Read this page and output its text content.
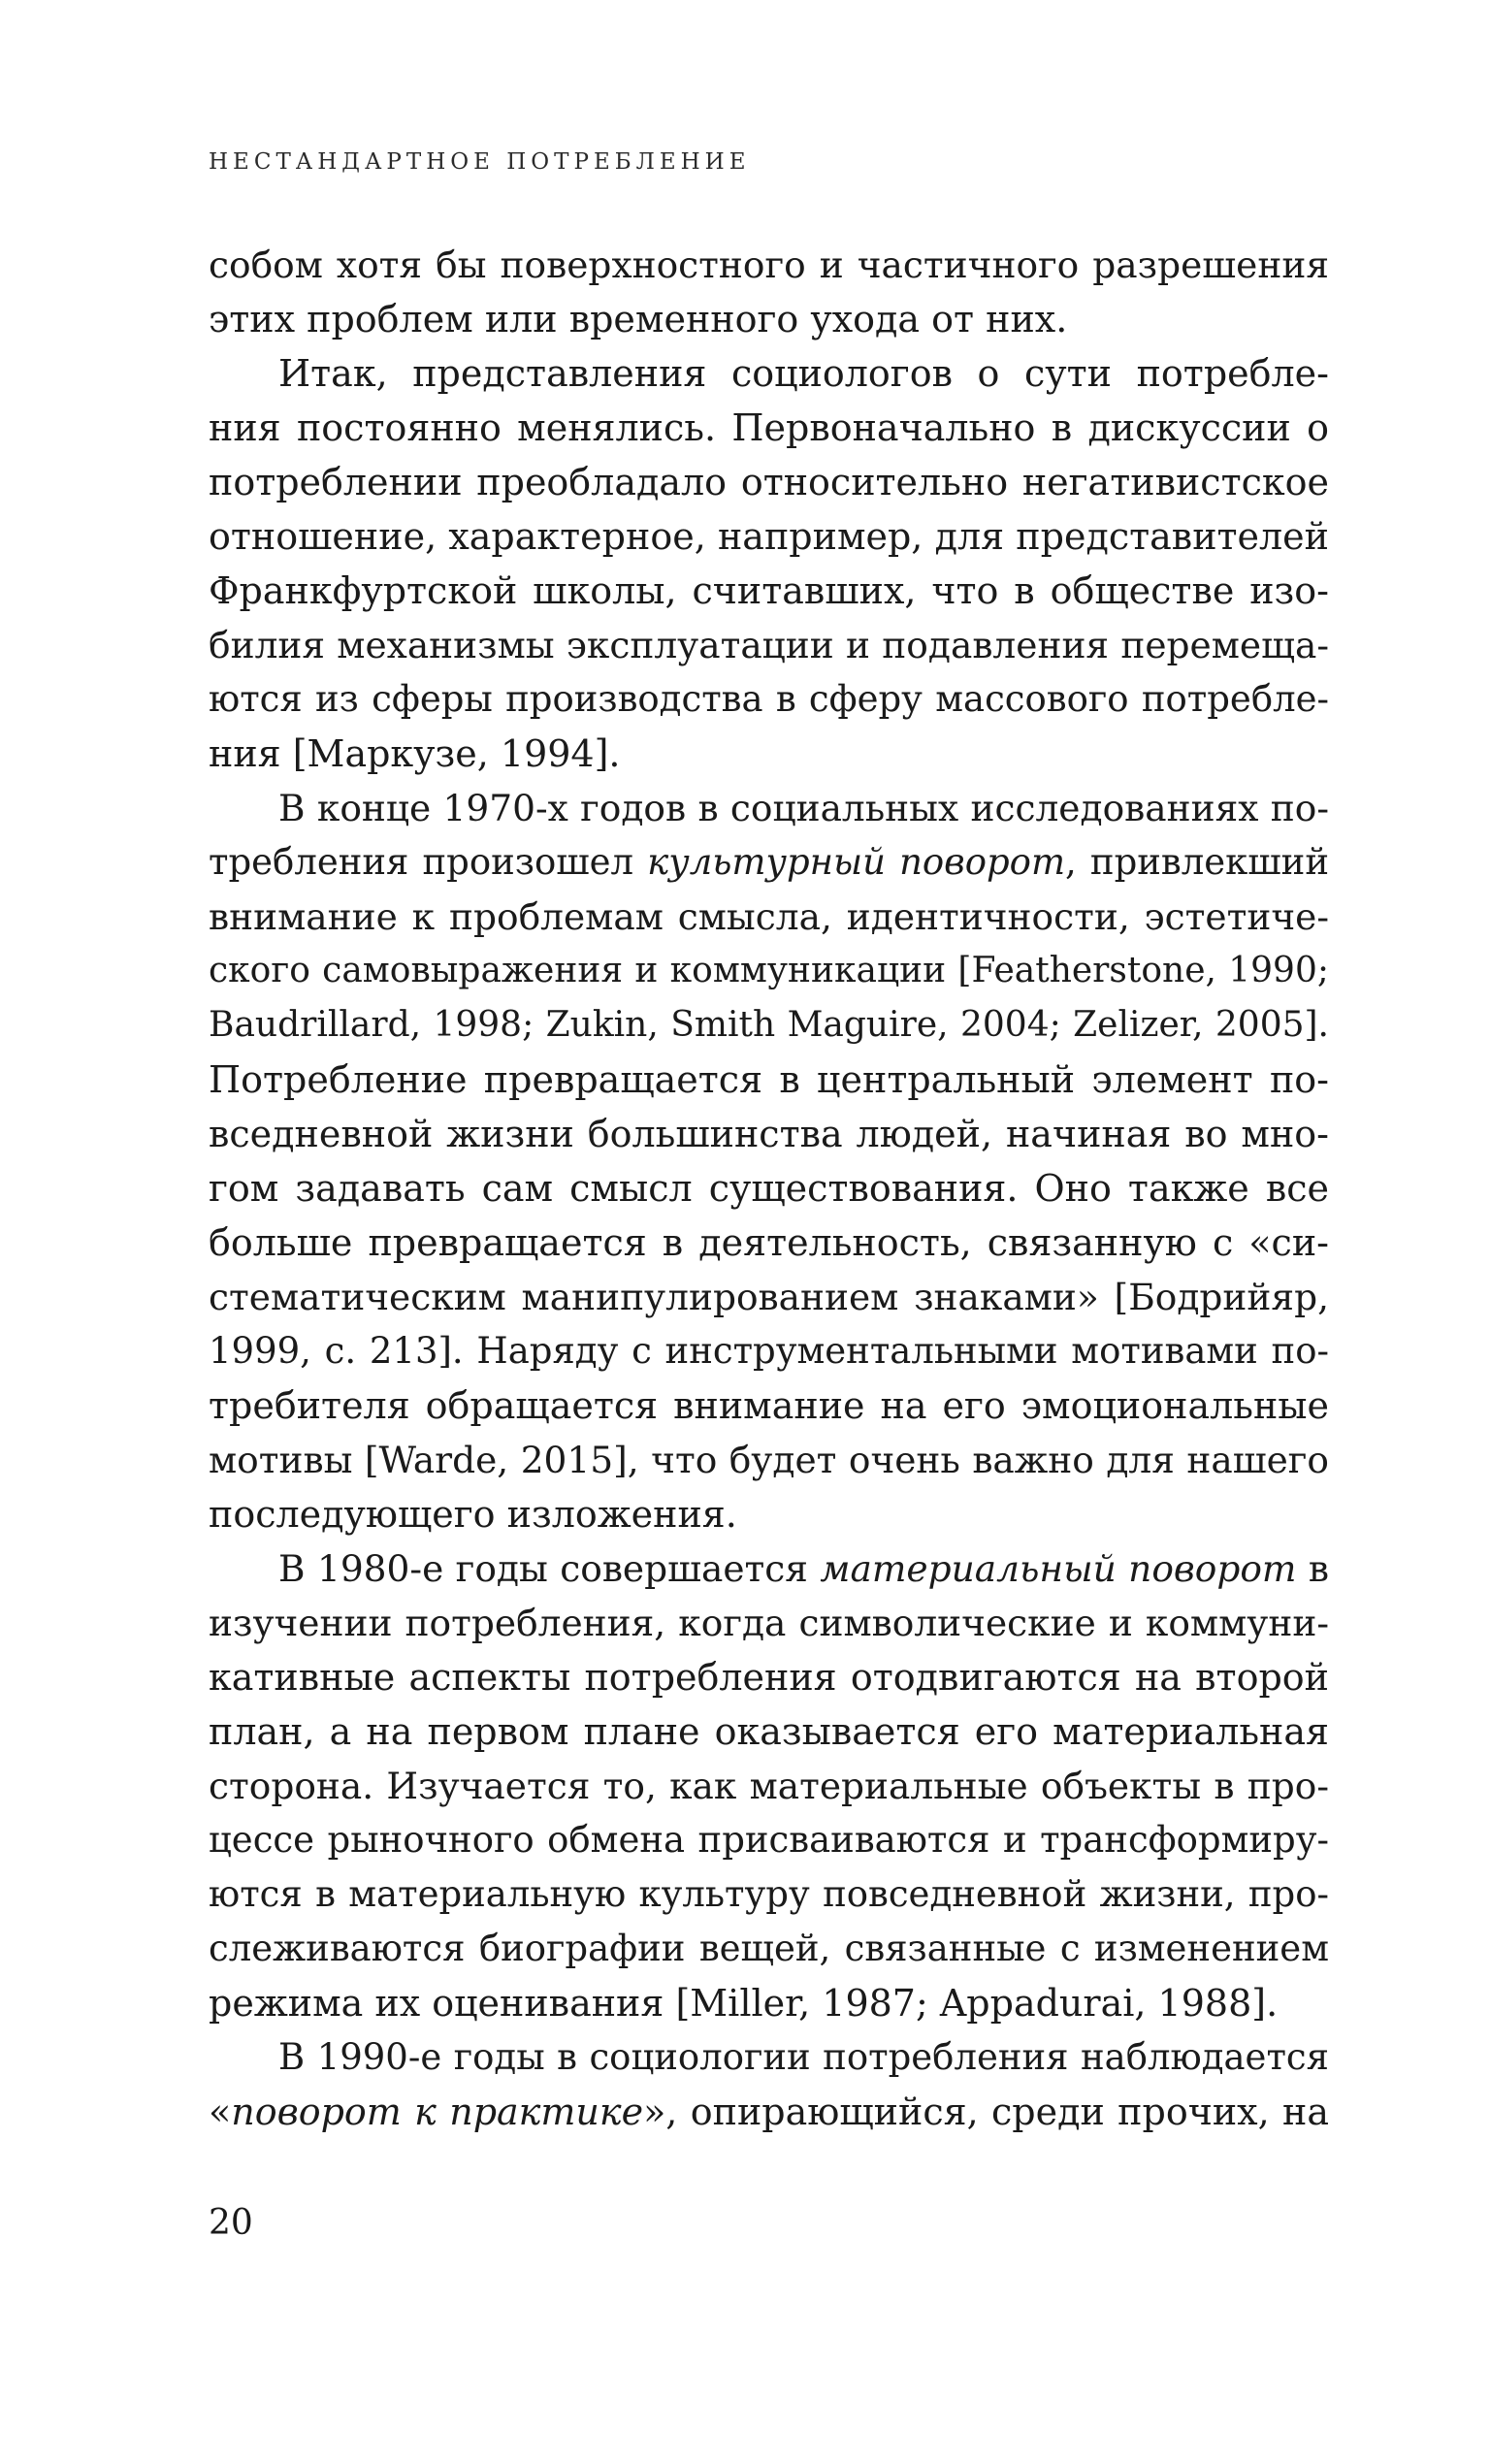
НЕСТАНДАРТНОЕ ПОТРЕБЛЕНИЕ
собом хотя бы поверхностного и частичного разрешения
этих проблем или временного ухода от них.
Итак, представления социологов о сути потребле-
ния постоянно менялись. Первоначально в дискуссии о
потреблении преобладало относительно негативистское
отношение, характерное, например, для представителей
Франкфуртской школы, считавших, что в обществе изо-
билия механизмы эксплуатации и подавления перемеща-
ются из сферы производства в сферу массового потребле-
ния [Маркузе, 1994].
В конце 1970-х годов в социальных исследованиях по-
требления произошел культурный поворот, привлекший
внимание к проблемам смысла, идентичности, эстетиче-
ского самовыражения и коммуникации [Featherstone, 1990;
Baudrillard, 1998; Zukin, Smith Maguire, 2004; Zelizer, 2005].
Потребление превращается в центральный элемент по-
вседневной жизни большинства людей, начиная во мно-
гом задавать сам смысл существования. Оно также все
больше превращается в деятельность, связанную с «си-
стематическим манипулированием знаками» [Бодрийяр,
1999, с. 213]. Наряду с инструментальными мотивами по-
требителя обращается внимание на его эмоциональные
мотивы [Warde, 2015], что будет очень важно для нашего
последующего изложения.
В 1980-е годы совершается материальный поворот в
изучении потребления, когда символические и коммуни-
кативные аспекты потребления отодвигаются на второй
план, а на первом плане оказывается его материальная
сторона. Изучается то, как материальные объекты в про-
цессе рыночного обмена присваиваются и трансформиру-
ются в материальную культуру повседневной жизни, про-
слеживаются биографии вещей, связанные с изменением
режима их оценивания [Miller, 1987; Appadurai, 1988].
В 1990-е годы в социологии потребления наблюдается
«поворот к практике», опирающийся, среди прочих, на
20
